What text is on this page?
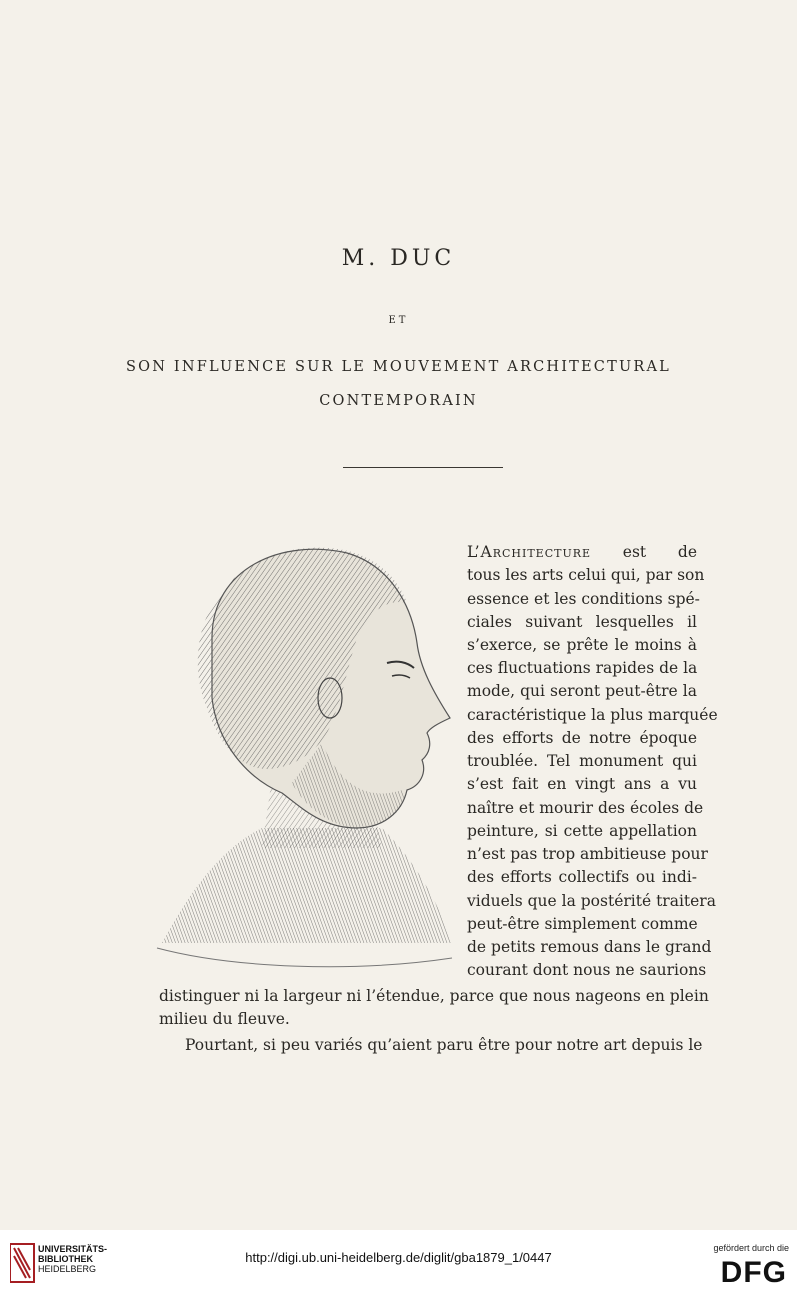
M. DUC
ET
SON INFLUENCE SUR LE MOUVEMENT ARCHITECTURAL
CONTEMPORAIN
L’Architecture est de
tous les arts celui qui, par son
essence et les conditions spé-
ciales suivant lesquelles il
s’exerce, se prête le moins à
ces fluctuations rapides de la
mode, qui seront peut-être la
caractéristique la plus marquée
des efforts de notre époque
troublée. Tel monument qui
s’est fait en vingt ans a vu
naître et mourir des écoles de
peinture, si cette appellation
n’est pas trop ambitieuse pour
des efforts collectifs ou indi-
viduels que la postérité traitera
peut-être simplement comme
de petits remous dans le grand
courant dont nous ne saurions
distinguer ni la largeur ni l’étendue, parce que nous nageons en plein
milieu du fleuve.
Pourtant, si peu variés qu’aient paru être pour notre art depuis le
UNIVERSITÄTS-
BIBLIOTHEK
HEIDELBERG
http://digi.ub.uni-heidelberg.de/diglit/gba1879_1/0447
gefördert durch die
DFG
